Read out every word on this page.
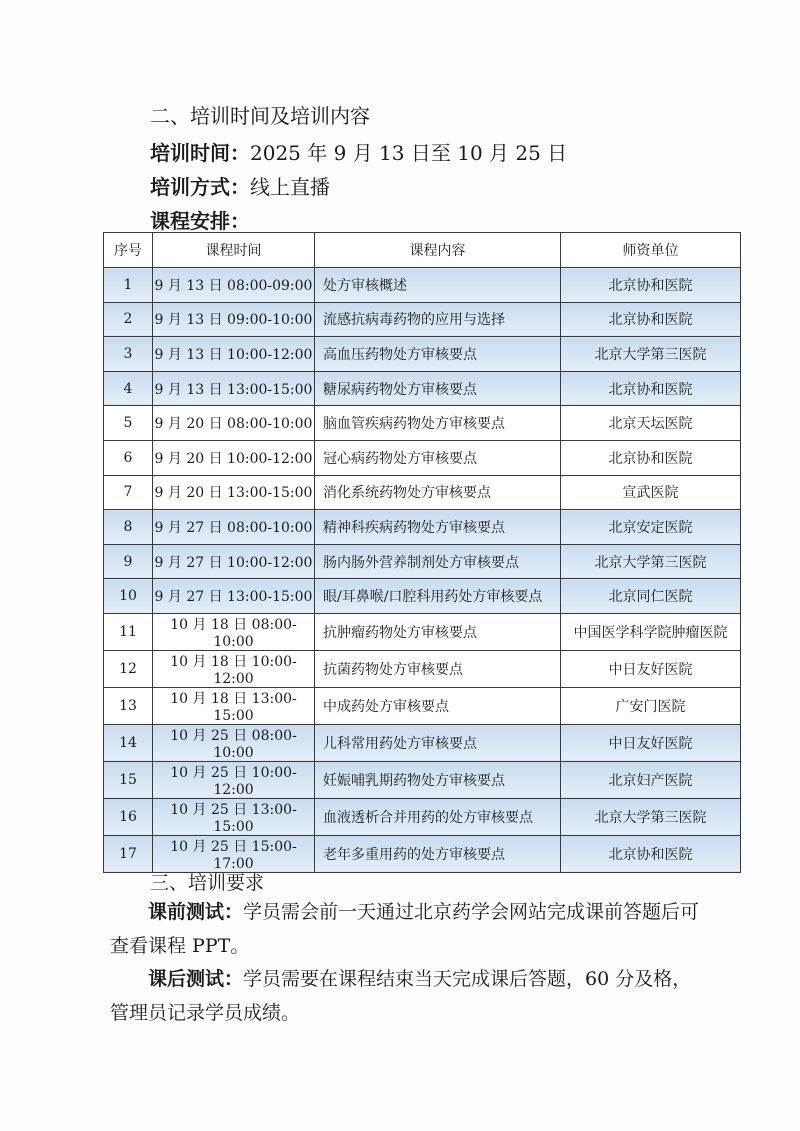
二、培训时间及培训内容
培训时间：2025 年 9 月 13 日至 10 月 25 日
培训方式：线上直播
课程安排：
序号	课程时间	课程内容	师资单位
1	9 月 13 日 08:00-09:00	处方审核概述	北京协和医院
2	9 月 13 日 09:00-10:00	流感抗病毒药物的应用与选择	北京协和医院
3	9 月 13 日 10:00-12:00	高血压药物处方审核要点	北京大学第三医院
4	9 月 13 日 13:00-15:00	糖尿病药物处方审核要点	北京协和医院
5	9 月 20 日 08:00-10:00	脑血管疾病药物处方审核要点	北京天坛医院
6	9 月 20 日 10:00-12:00	冠心病药物处方审核要点	北京协和医院
7	9 月 20 日 13:00-15:00	消化系统药物处方审核要点	宣武医院
8	9 月 27 日 08:00-10:00	精神科疾病药物处方审核要点	北京安定医院
9	9 月 27 日 10:00-12:00	肠内肠外营养制剂处方审核要点	北京大学第三医院
10	9 月 27 日 13:00-15:00	眼/耳鼻喉/口腔科用药处方审核要点	北京同仁医院
11	10 月 18 日 08:00-10:00	抗肿瘤药物处方审核要点	中国医学科学院肿瘤医院
12	10 月 18 日 10:00-12:00	抗菌药物处方审核要点	中日友好医院
13	10 月 18 日 13:00-15:00	中成药处方审核要点	广安门医院
14	10 月 25 日 08:00-10:00	儿科常用药处方审核要点	中日友好医院
15	10 月 25 日 10:00-12:00	妊娠哺乳期药物处方审核要点	北京妇产医院
16	10 月 25 日 13:00-15:00	血液透析合并用药的处方审核要点	北京大学第三医院
17	10 月 25 日 15:00-17:00	老年多重用药的处方审核要点	北京协和医院
三、培训要求
课前测试：学员需会前一天通过北京药学会网站完成课前答题后可查看课程 PPT。
课后测试：学员需要在课程结束当天完成课后答题，60 分及格，管理员记录学员成绩。
